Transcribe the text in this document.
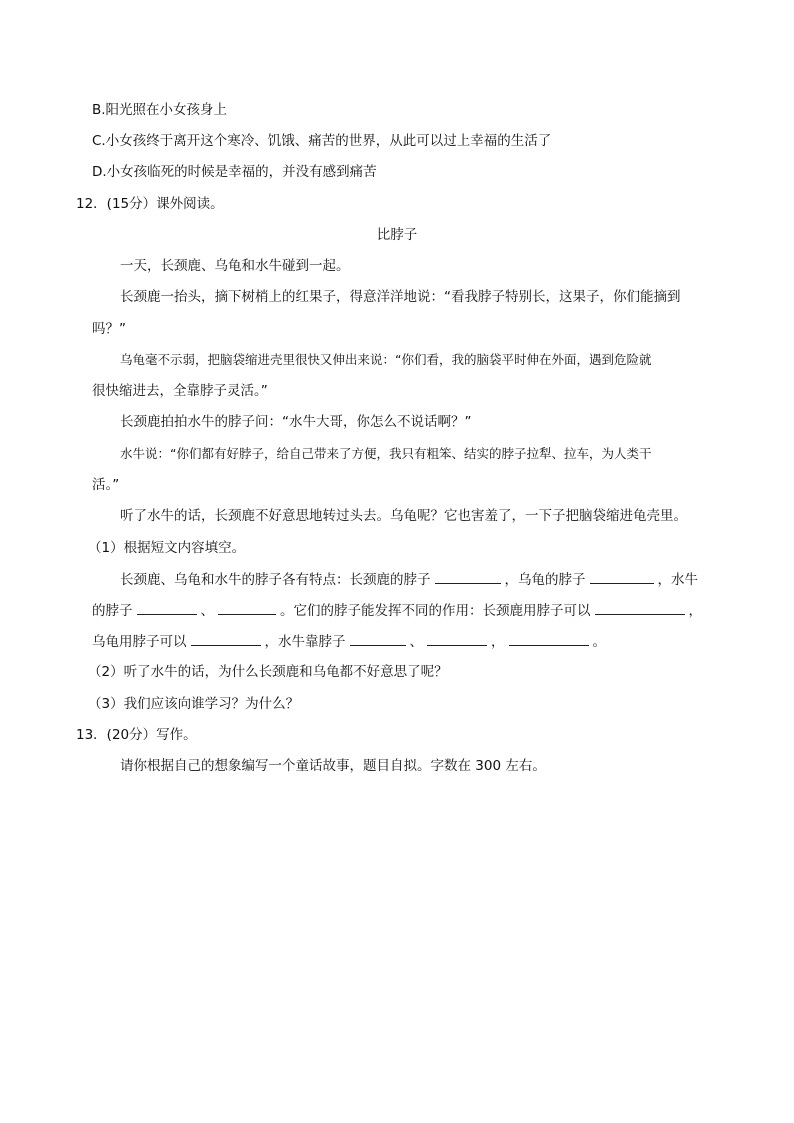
B.阳光照在小女孩身上
C.小女孩终于离开这个寒冷、饥饿、痛苦的世界，从此可以过上幸福的生活了
D.小女孩临死的时候是幸福的，并没有感到痛苦
12．(15分）课外阅读。
比脖子
一天，长颈鹿、乌龟和水牛碰到一起。
长颈鹿一抬头，摘下树梢上的红果子，得意洋洋地说：“看我脖子特别长，这果子，你们能摘到
吗？”
乌龟毫不示弱，把脑袋缩进壳里很快又伸出来说：“你们看，我的脑袋平时伸在外面，遇到危险就
很快缩进去，全靠脖子灵活。”
长颈鹿拍拍水牛的脖子问：“水牛大哥，你怎么不说话啊？”
水牛说：“你们都有好脖子，给自己带来了方便，我只有粗笨、结实的脖子拉犁、拉车，为人类干
活。”
听了水牛的话，长颈鹿不好意思地转过头去。乌龟呢？它也害羞了，一下子把脑袋缩进龟壳里。
（1）根据短文内容填空。
长颈鹿、乌龟和水牛的脖子各有特点：长颈鹿的脖子	，乌龟的脖子	，水牛
的脖子	、	。它们的脖子能发挥不同的作用：长颈鹿用脖子可以	，
乌龟用脖子可以	，水牛靠脖子	、	，	。
（2）听了水牛的话，为什么长颈鹿和乌龟都不好意思了呢？
（3）我们应该向谁学习？为什么？
13．(20分）写作。
请你根据自己的想象编写一个童话故事，题目自拟。字数在 300 左右。
